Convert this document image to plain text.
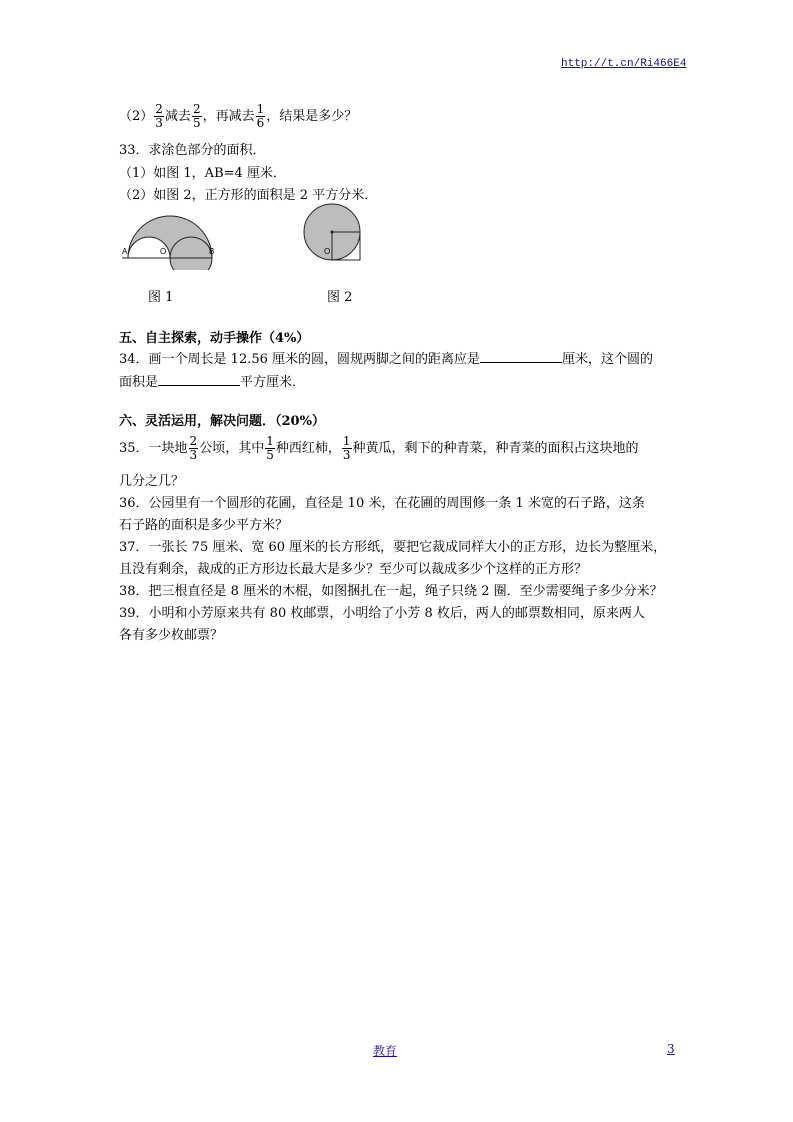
http://t.cn/Ri466E4
$(2) \frac{2}{3}$ 减去 $\frac{2}{5}$ ，再减去 $\frac{1}{6}$ ，结果是多少？
33．求涂色部分的面积．
（1）如图 1，AB=4 厘米．
（2）如图 2，正方形的面积是 2 平方分米．
A	O	B	O
图 1	图 2
五、自主探索，动手操作（4%）
34．画一个周长是 12.56 厘米的圆，圆规两脚之间的距离应是	厘米，这个圆的
面积是	平方厘米．
六、灵活运用，解决问题．（20%）
35．一块地 $\frac{2}{3}$ 公顷，其中 $\frac{1}{5}$ 种西红柿， $\frac{1}{3}$ 种黄瓜，剩下的种青菜，种青菜的面积占这块地的
几分之几？
36．公园里有一个圆形的花圃，直径是 10 米，在花圃的周围修一条 1 米宽的石子路，这条
石子路的面积是多少平方米？
37．一张长 75 厘米、宽 60 厘米的长方形纸，要把它裁成同样大小的正方形，边长为整厘米，
且没有剩余，裁成的正方形边长最大是多少？至少可以裁成多少个这样的正方形？
38．把三根直径是 8 厘米的木棍，如图捆扎在一起，绳子只绕 2 圈．至少需要绳子多少分米？
39．小明和小芳原来共有 80 枚邮票，小明给了小芳 8 枚后，两人的邮票数相同，原来两人
各有多少枚邮票？
教育	3
